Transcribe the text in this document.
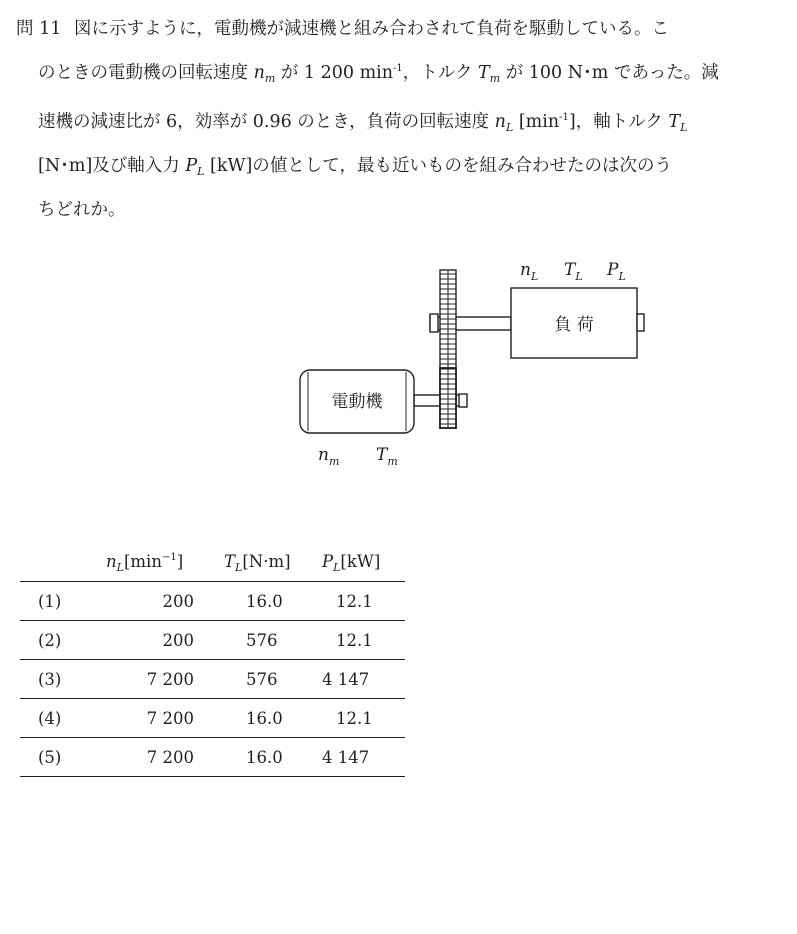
問 11 図に示すように，電動機が減速機と組み合わされて負荷を駆動している。こ
のときの電動機の回転速度 $n_m$ が 1 200 $\min^{-1}$，トルク $T_m$ が 100 N･m であった。減
速機の減速比が 6，効率が 0.96 のとき，負荷の回転速度 $n_L$ $[\min^{-1}]$，軸トルク $T_L$
[N･m]及び軸入力 $P_L$ [kW]の値として，最も近いものを組み合わせたのは次のう
ちどれか。
電動機
負 荷
$n_L$ $T_L$ $P_L$
$n_m$ $T_m$
	$n_L[\min^{-1}]$	$T_L[N\cdot m]$	$P_L[kW]$
(1)	200	16.0	12.1
(2)	200	576	12.1
(3)	7 200	576	4 147
(4)	7 200	16.0	12.1
(5)	7 200	16.0	4 147
